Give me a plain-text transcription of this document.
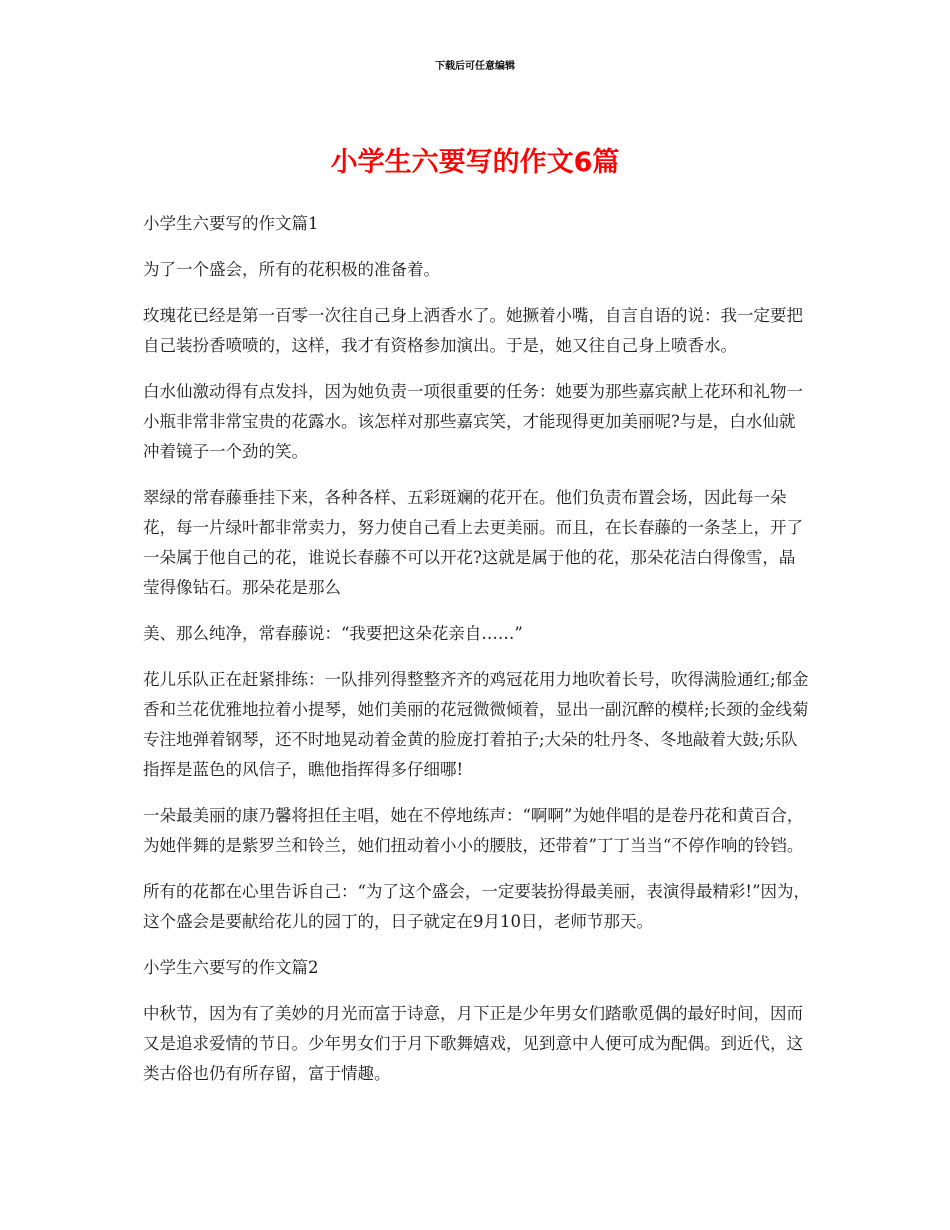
下载后可任意编辑
小学生六要写的作文6篇

小学生六要写的作文篇1

为了一个盛会，所有的花积极的准备着。

玫瑰花已经是第一百零一次往自己身上洒香水了。她撅着小嘴，自言自语的说：我一定要把自己装扮香喷喷的，这样，我才有资格参加演出。于是，她又往自己身上喷香水。

白水仙激动得有点发抖，因为她负责一项很重要的任务：她要为那些嘉宾献上花环和礼物一小瓶非常非常宝贵的花露水。该怎样对那些嘉宾笑，才能现得更加美丽呢?与是，白水仙就冲着镜子一个劲的笑。

翠绿的常春藤垂挂下来，各种各样、五彩斑斓的花开在。他们负责布置会场，因此每一朵花，每一片绿叶都非常卖力，努力使自己看上去更美丽。而且，在长春藤的一条茎上，开了一朵属于他自己的花，谁说长春藤不可以开花?这就是属于他的花，那朵花洁白得像雪，晶莹得像钻石。那朵花是那么

美、那么纯净，常春藤说：“我要把这朵花亲自……”

花儿乐队正在赶紧排练：一队排列得整整齐齐的鸡冠花用力地吹着长号，吹得满脸通红;郁金香和兰花优雅地拉着小提琴，她们美丽的花冠微微倾着，显出一副沉醉的模样;长颈的金线菊专注地弹着钢琴，还不时地晃动着金黄的脸庞打着拍子;大朵的牡丹冬、冬地敲着大鼓;乐队指挥是蓝色的风信子，瞧他指挥得多仔细哪!

一朵最美丽的康乃馨将担任主唱，她在不停地练声：“啊啊”为她伴唱的是卷丹花和黄百合，为她伴舞的是紫罗兰和铃兰，她们扭动着小小的腰肢，还带着”丁丁当当“不停作响的铃铛。

所有的花都在心里告诉自己：“为了这个盛会，一定要装扮得最美丽，表演得最精彩!”因为，这个盛会是要献给花儿的园丁的，日子就定在9月10日，老师节那天。

小学生六要写的作文篇2

中秋节，因为有了美妙的月光而富于诗意，月下正是少年男女们踏歌觅偶的最好时间，因而又是追求爱情的节日。少年男女们于月下歌舞嬉戏，见到意中人便可成为配偶。到近代，这类古俗也仍有所存留，富于情趣。
